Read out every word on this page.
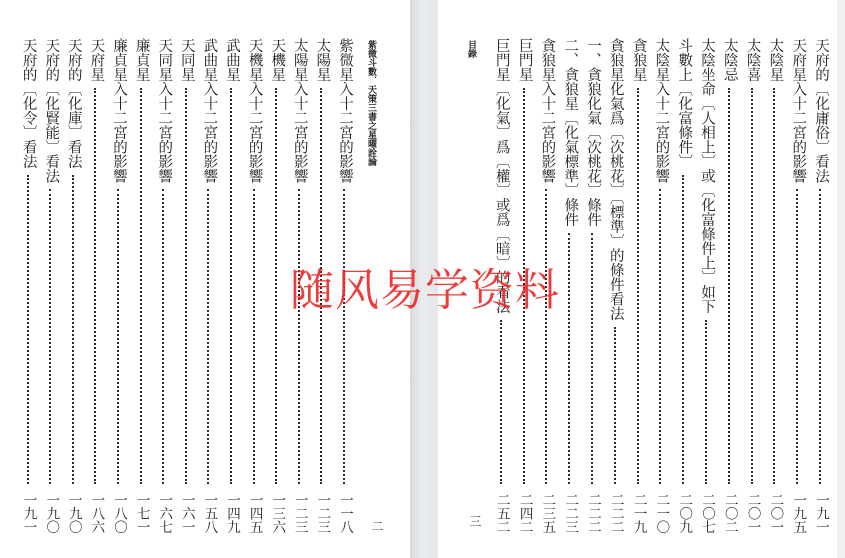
紫微斗數．天策三書之星曜詮論
二
紫微星入十二宮的影響
一一八
太陽星
一二三
太陽星入十二宮的影響
一二三
天機星
一三六
天機星入十二宮的影響
一四五
武曲星
一四九
武曲星入十二宮的影響
一五八
天同星
一六一
天同星入十二宮的影響
一六七
廉貞星
一七一
廉貞星入十二宮的影響
一八〇
天府星
一八六
天府的〔化庫〕看法
一九〇
天府的〔化賢能〕看法
一九〇
天府的〔化令〕看法
一九一
目錄
三
天府的〔化庸俗〕看法
一九一
天府星入十二宮的影響
一九五
太陰星
二〇一
太陰喜
二〇一
太陰忌
二〇二
太陰坐命〔人相上〕或〔化富條件上〕如下
二〇七
斗數上〔化富條件〕
二〇九
太陰星入十二宮的影響
二一〇
貪狼星
二一九
貪狼星化氣爲〔次桃花〕〔標準〕的條件看法
二二二
一、貪狼化氣〔次桃花〕條件
二二二
二、貪狼星〔化氣標準〕條件
二二三
貪狼星入十二宮的影響
二三五
巨門星
二四二
巨門星〔化氣〕爲〔權〕或爲〔暗〕的看法
二五二
随风易学资料
